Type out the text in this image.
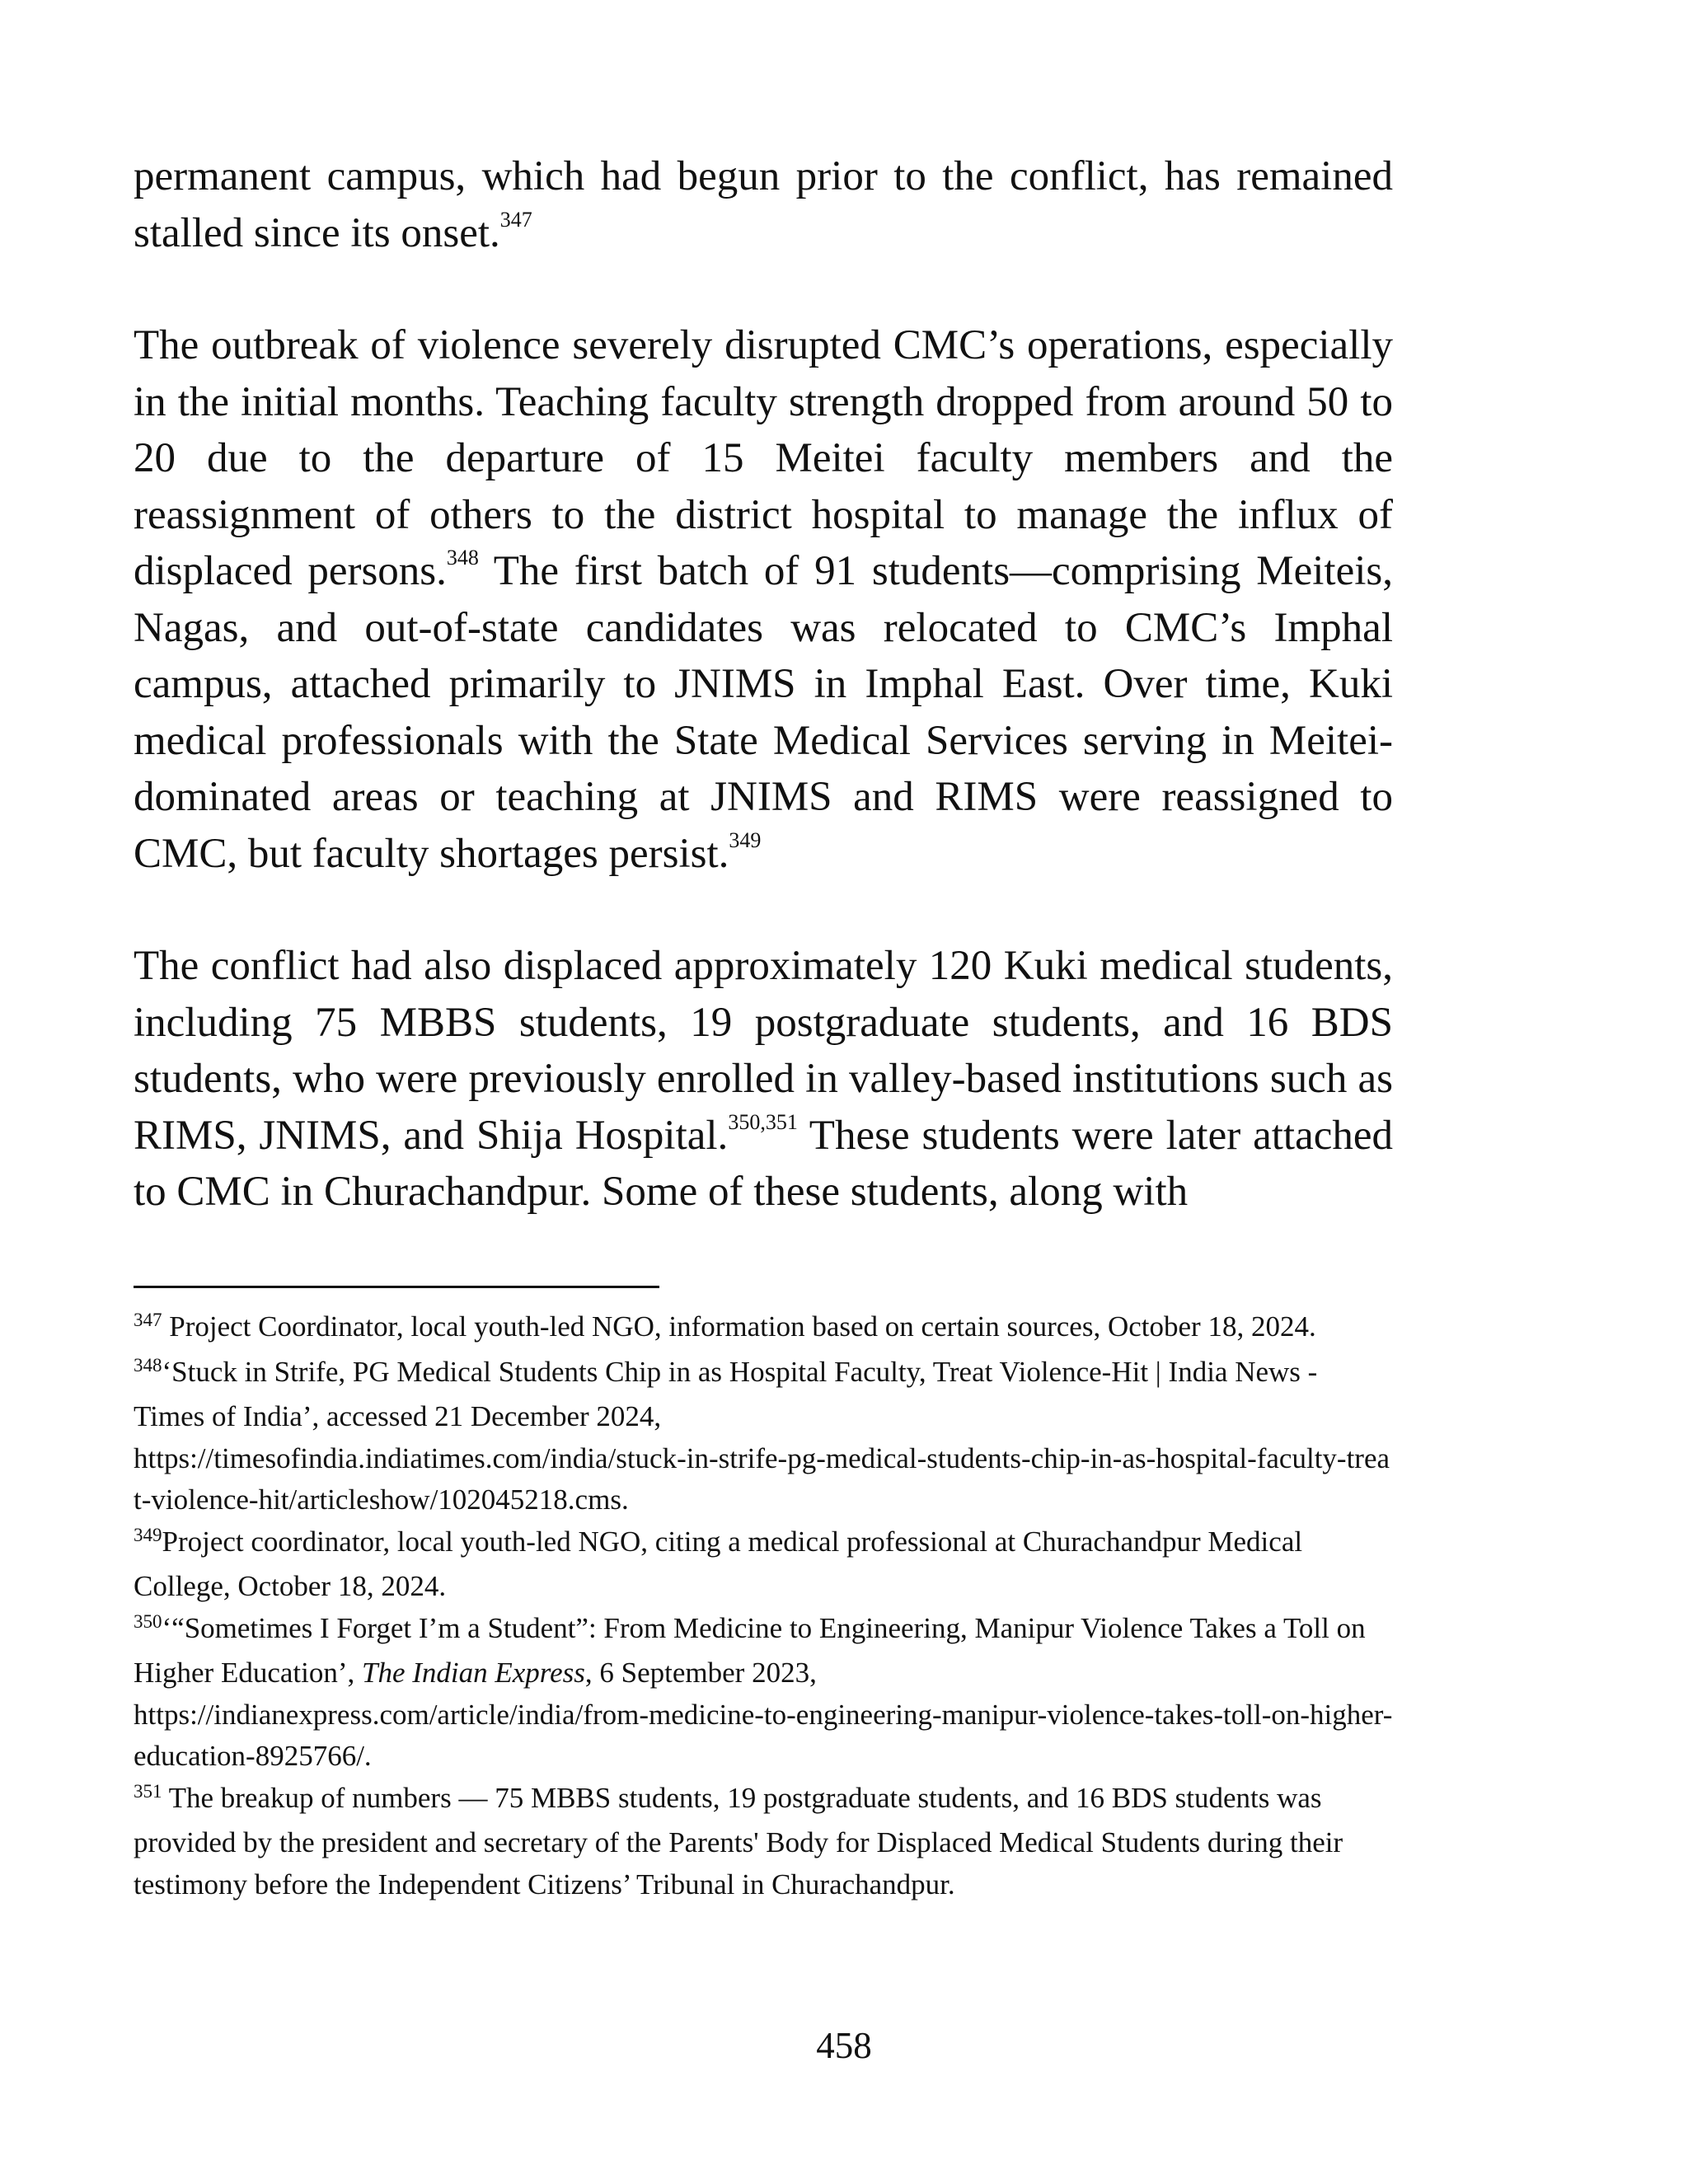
permanent campus, which had begun prior to the conflict, has remained stalled since its onset.$^{347}$

The outbreak of violence severely disrupted CMC’s operations, especially in the initial months. Teaching faculty strength dropped from around 50 to 20 due to the departure of 15 Meitei faculty members and the reassignment of others to the district hospital to manage the influx of displaced persons.$^{348}$ The first batch of 91 students—comprising Meiteis, Nagas, and out-of-state candidates was relocated to CMC’s Imphal campus, attached primarily to JNIMS in Imphal East. Over time, Kuki medical professionals with the State Medical Services serving in Meitei-dominated areas or teaching at JNIMS and RIMS were reassigned to CMC, but faculty shortages persist.$^{349}$

The conflict had also displaced approximately 120 Kuki medical students, including 75 MBBS students, 19 postgraduate students, and 16 BDS students, who were previously enrolled in valley-based institutions such as RIMS, JNIMS, and Shija Hospital.$^{350,351}$ These students were later attached to CMC in Churachandpur. Some of these students, along with

$^{347}$ Project Coordinator, local youth-led NGO, information based on certain sources, October 18, 2024.

$^{348}$‘Stuck in Strife, PG Medical Students Chip in as Hospital Faculty, Treat Violence-Hit | India News - Times of India’, accessed 21 December 2024,

https://timesofindia.indiatimes.com/india/stuck-in-strife-pg-medical-students-chip-in-as-hospital-faculty-treat-violence-hit/articleshow/102045218.cms.

$^{349}$Project coordinator, local youth-led NGO, citing a medical professional at Churachandpur Medical College, October 18, 2024.

$^{350}$‘“Sometimes I Forget I’m a Student”: From Medicine to Engineering, Manipur Violence Takes a Toll on Higher Education’, The Indian Express, 6 September 2023,

https://indianexpress.com/article/india/from-medicine-to-engineering-manipur-violence-takes-toll-on-higher-education-8925766/.

$^{351}$ The breakup of numbers — 75 MBBS students, 19 postgraduate students, and 16 BDS students was provided by the president and secretary of the Parents' Body for Displaced Medical Students during their testimony before the Independent Citizens’ Tribunal in Churachandpur.

458
